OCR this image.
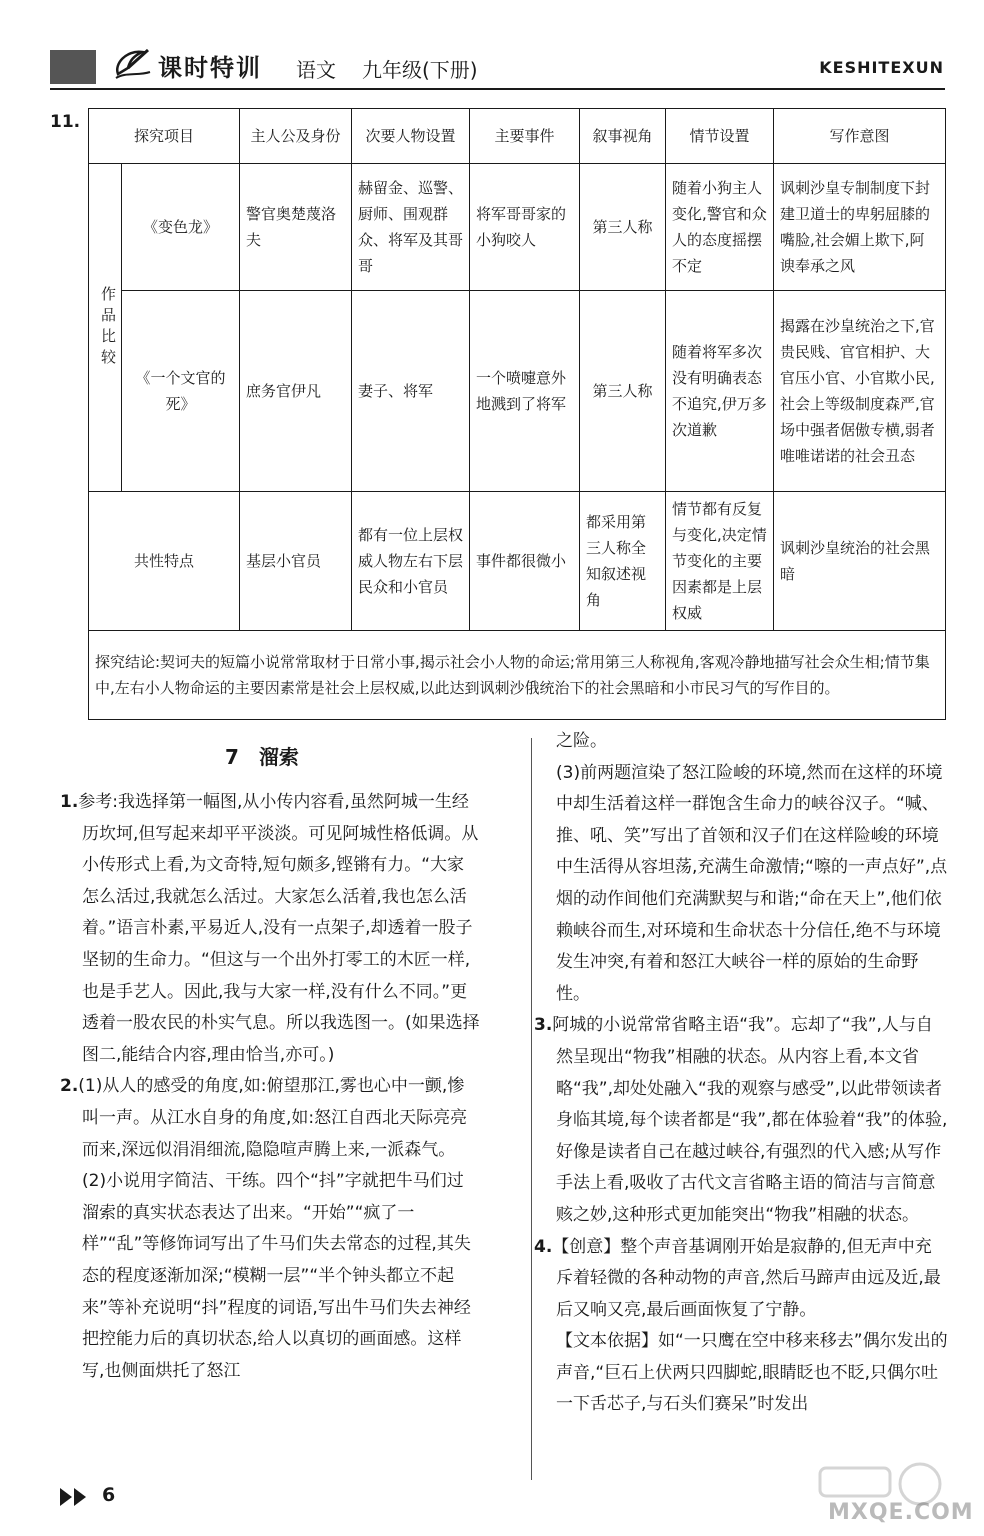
课时特训 语文 九年级(下册)	KESHITEXUN
11.
探究项目		主人公及身份	次要人物设置	主要事件	叙事视角	情节设置	写作意图

作品比较	《变色龙》	警官奥楚蔑洛夫	赫留金、巡警、厨师、围观群众、将军及其哥哥	将军哥哥家的小狗咬人	第三人称	随着小狗主人变化,警官和众人的态度摇摆不定	讽刺沙皇专制制度下封建卫道士的卑躬屈膝的嘴脸,社会媚上欺下,阿谀奉承之风
	《一个文官的死》	庶务官伊凡	妻子、将军	一个喷嚏意外地溅到了将军	第三人称	随着将军多次没有明确表态不追究,伊万多次道歉	揭露在沙皇统治之下,官贵民贱、官官相护、大官压小官、小官欺小民,社会上等级制度森严,官场中强者倨傲专横,弱者唯唯诺诺的社会丑态
共性特点		基层小官员	都有一位上层权威人物左右下层民众和小官员	事件都很微小	都采用第三人称全知叙述视角	情节都有反复与变化,决定情节变化的主要因素都是上层权威	讽刺沙皇统治的社会黑暗
探究结论:契诃夫的短篇小说常常取材于日常小事,揭示社会小人物的命运;常用第三人称视角,客观冷静地描写社会众生相;情节集中,左右小人物命运的主要因素常是社会上层权威,以此达到讽刺沙俄统治下的社会黑暗和小市民习气的写作目的。							
7　溜索

1.参考:我选择第一幅图,从小传内容看,虽然阿城一生经历坎坷,但写起来却平平淡淡。可见阿城性格低调。从小传形式上看,为文奇特,短句颇多,铿锵有力。“大家怎么活过,我就怎么活过。大家怎么活着,我也怎么活着。”语言朴素,平易近人,没有一点架子,却透着一股子坚韧的生命力。“但这与一个出外打零工的木匠一样,也是手艺人。因此,我与大家一样,没有什么不同。”更透着一股农民的朴实气息。所以我选图一。(如果选择图二,能结合内容,理由恰当,亦可。)

2.(1)从人的感受的角度,如:俯望那江,雾也心中一颤,惨叫一声。从江水自身的角度,如:怒江自西北天际亮亮而来,深远似涓涓细流,隐隐喧声腾上来,一派森气。

(2)小说用字简洁、干练。四个“抖”字就把牛马们过溜索的真实状态表达了出来。“开始”“疯了一样”“乱”等修饰词写出了牛马们失去常态的过程,其失态的程度逐渐加深;“模糊一层”“半个钟头都立不起来”等补充说明“抖”程度的词语,写出牛马们失去神经把控能力后的真切状态,给人以真切的画面感。这样写,也侧面烘托了怒江

之险。

(3)前两题渲染了怒江险峻的环境,然而在这样的环境中却生活着这样一群饱含生命力的峡谷汉子。“喊、推、吼、笑”写出了首领和汉子们在这样险峻的环境中生活得从容坦荡,充满生命激情;“嚓的一声点好”,点烟的动作间他们充满默契与和谐;“命在天上”,他们依赖峡谷而生,对环境和生命状态十分信任,绝不与环境发生冲突,有着和怒江大峡谷一样的原始的生命野性。

3.阿城的小说常常省略主语“我”。忘却了“我”,人与自然呈现出“物我”相融的状态。从内容上看,本文省略“我”,却处处融入“我的观察与感受”,以此带领读者身临其境,每个读者都是“我”,都在体验着“我”的体验,好像是读者自己在越过峡谷,有强烈的代入感;从写作手法上看,吸收了古代文言省略主语的简洁与言简意赅之妙,这种形式更加能突出“物我”相融的状态。

4.【创意】整个声音基调刚开始是寂静的,但无声中充斥着轻微的各种动物的声音,然后马蹄声由远及近,最后又响又亮,最后画面恢复了宁静。

【文本依据】如“一只鹰在空中移来移去”偶尔发出的声音,“巨石上伏两只四脚蛇,眼睛眨也不眨,只偶尔吐一下舌芯子,与石头们赛呆”时发出

6
MXQE.COM
